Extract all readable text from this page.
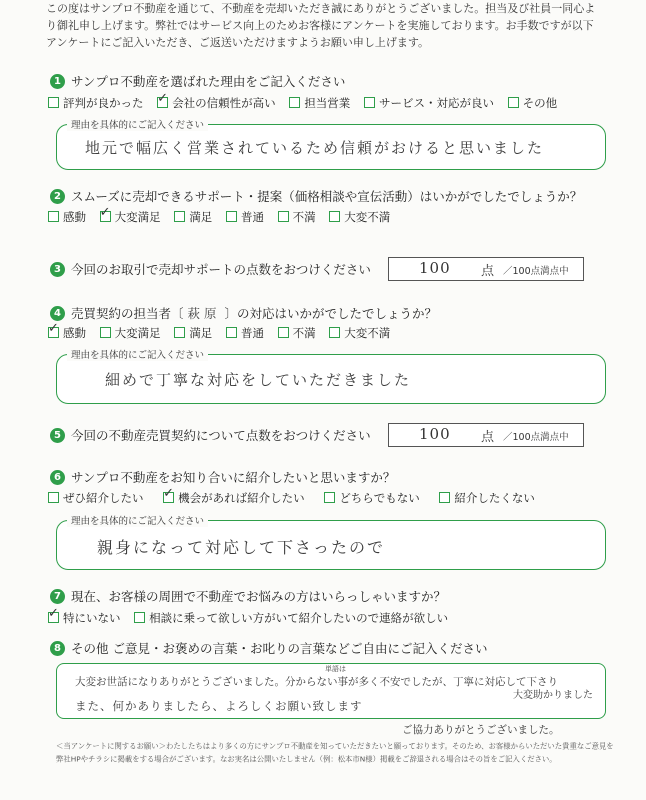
この度はサンプロ不動産を通じて、不動産を売却いただき誠にありがとうございました。担当及び社員一同心よ
り御礼申し上げます。弊社ではサービス向上のためお客様にアンケートを実施しております。お手数ですが以下
アンケートにご記入いただき、ご返送いただけますようお願い申し上げます。
1 サンプロ不動産を選ばれた理由をご記入ください
評判が良かった ✓ 会社の信頼性が高い 担当営業 サービス・対応が良い その他
理由を具体的にご記入ください
地元で幅広く営業されているため信頼がおけると思いました
2 スムーズに売却できるサポート・提案（価格相談や宣伝活動）はいかがでしたでしょうか？
感動 ✓ 大変満足 満足 普通 不満 大変不満
3 今回のお取引で売却サポートの点数をおつけください	100 点 ／100点満点中
4 売買契約の担当者〔 萩原 〕の対応はいかがでしたでしょうか？
✓感動 大変満足 満足 普通 不満 大変不満
理由を具体的にご記入ください
細めで丁寧な対応をしていただきました
5 今回の不動産売買契約について点数をおつけください	100 点 ／100点満点中
6 サンプロ不動産をお知り合いに紹介したいと思いますか？
ぜひ紹介したい ✓	機会があれば紹介したい	どちらでもない	紹介したくない
理由を具体的にご記入ください
親身になって対応して下さったので
7 現在、お客様の周囲で不動産でお悩みの方はいらっしゃいますか？
✓特にいない 相談に乗って欲しい方がいて紹介したいので連絡が欲しい
8 その他 ご意見・お褒めの言葉・お叱りの言葉などご自由にご記入ください
大変お世話になりありがとうございました。分からない事が多く不安でしたが、丁寧に対応して下さり
単語は
大変助かりました
また、何かありましたら、よろしくお願い致します
ご協力ありがとうございました。
＜当アンケートに関するお願い＞わたしたちはより多くの方にサンプロ不動産を知っていただきたいと願っております。そのため、お客様からいただいた貴重なご意見を
弊社HPやチラシに掲載をする場合がございます。なお実名は公開いたしません（例：松本市N様）掲載をご辞退される場合はその旨をご記入ください。
